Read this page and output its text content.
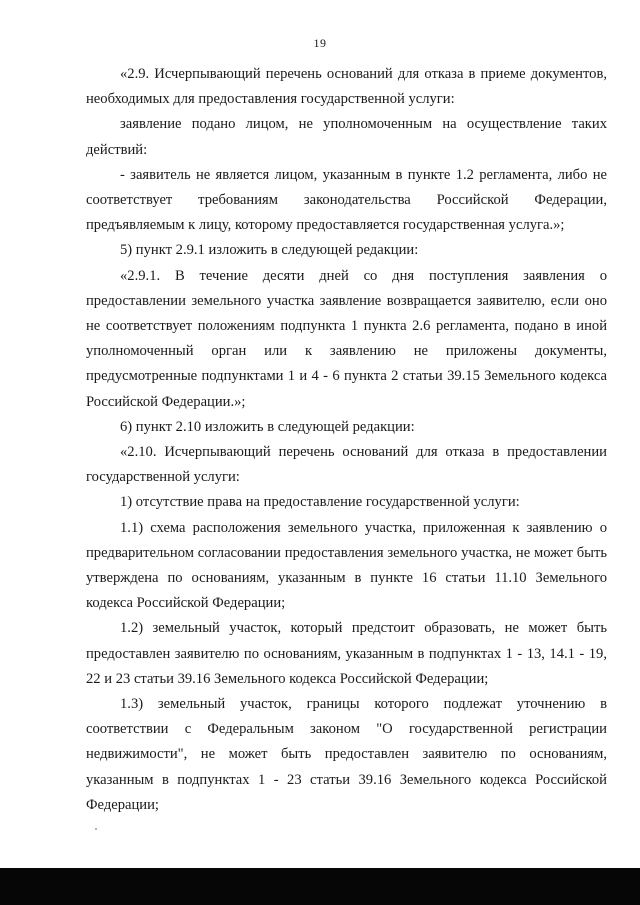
19

«2.9. Исчерпывающий перечень оснований для отказа в приеме документов, необходимых для предоставления государственной услуги:

заявление подано лицом, не уполномоченным на осуществление таких действий:

- заявитель не является лицом, указанным в пункте 1.2 регламента, либо не соответствует требованиям законодательства Российской Федерации, предъявляемым к лицу, которому предоставляется государственная услуга.»;

5) пункт 2.9.1 изложить в следующей редакции:

«2.9.1. В течение десяти дней со дня поступления заявления о предоставлении земельного участка заявление возвращается заявителю, если оно не соответствует положениям подпункта 1 пункта 2.6 регламента, подано в иной уполномоченный орган или к заявлению не приложены документы, предусмотренные подпунктами 1 и 4 - 6 пункта 2 статьи 39.15 Земельного кодекса Российской Федерации.»;

6) пункт 2.10 изложить в следующей редакции:

«2.10. Исчерпывающий перечень оснований для отказа в предоставлении государственной услуги:

1) отсутствие права на предоставление государственной услуги:

1.1) схема расположения земельного участка, приложенная к заявлению о предварительном согласовании предоставления земельного участка, не может быть утверждена по основаниям, указанным в пункте 16 статьи 11.10 Земельного кодекса Российской Федерации;

1.2) земельный участок, который предстоит образовать, не может быть предоставлен заявителю по основаниям, указанным в подпунктах 1 - 13, 14.1 - 19, 22 и 23 статьи 39.16 Земельного кодекса Российской Федерации;

1.3) земельный участок, границы которого подлежат уточнению в соответствии с Федеральным законом "О государственной регистрации недвижимости", не может быть предоставлен заявителю по основаниям, указанным в подпунктах 1 - 23 статьи 39.16 Земельного кодекса Российской Федерации;
